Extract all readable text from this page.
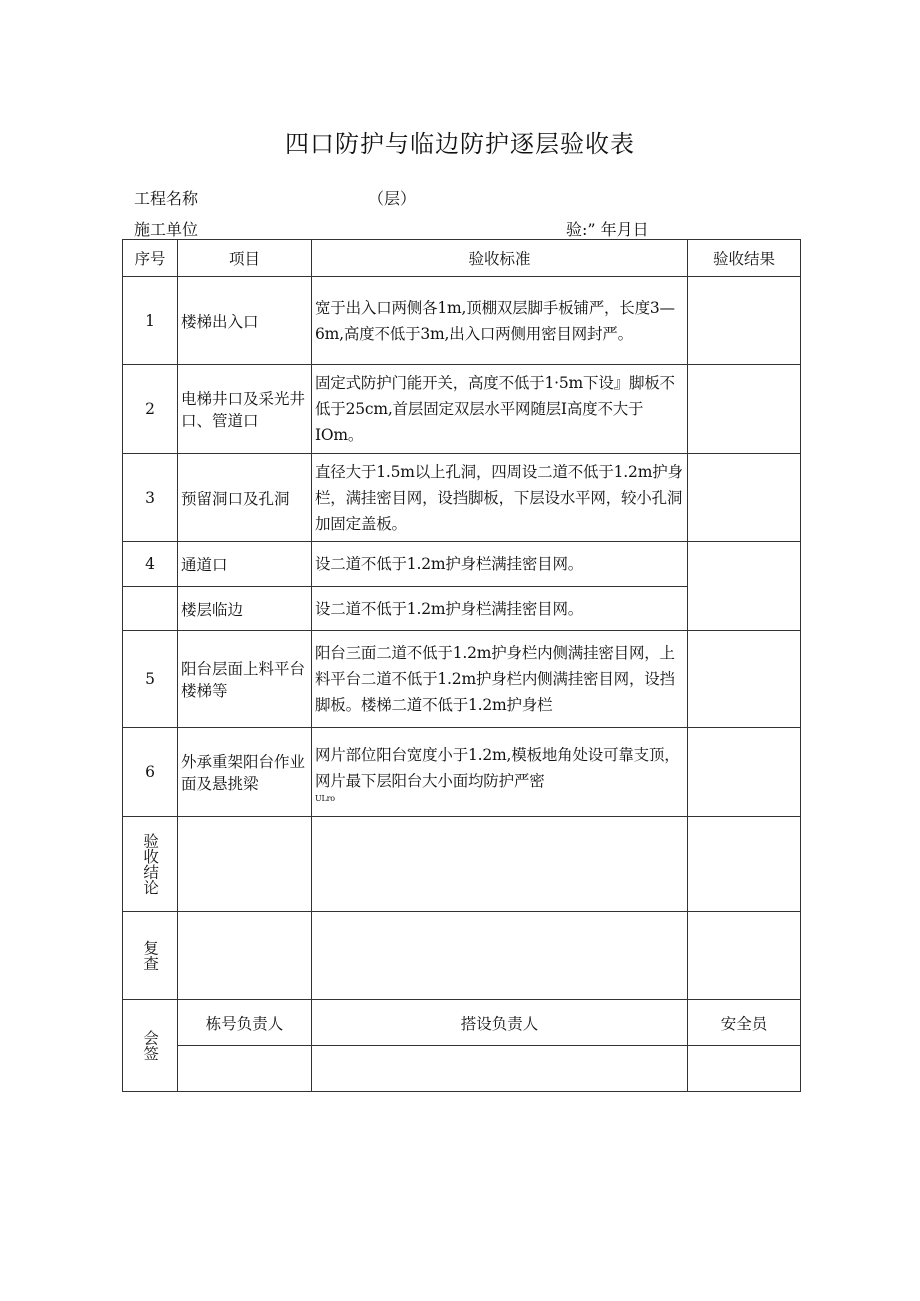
四口防护与临边防护逐层验收表
工程名称	（层）
施工单位	验:” 年月日
序号	项目	验收标准	验收结果
1	楼梯出入口	宽于出入口两侧各1m,顶棚双层脚手板铺严，长度3—6m,高度不低于3m,出入口两侧用密目网封严。	
2	电梯井口及采光井口、管道口	固定式防护门能开关，高度不低于1·5m下设』脚板不低于25cm,首层固定双层水平网随层I高度不大于IOm。	
3	预留洞口及孔洞	直径大于1.5m以上孔洞，四周设二道不低于1.2m护身栏，满挂密目网，设挡脚板，下层设水平网，较小孔洞加固定盖板。	
4	通道口	设二道不低于1.2m护身栏满挂密目网。	
	楼层临边	设二道不低于1.2m护身栏满挂密目网。	
5	阳台层面上料平台楼梯等	阳台三面二道不低于1.2m护身栏内侧满挂密目网，上料平台二道不低于1.2m护身栏内侧满挂密目网，设挡脚板。楼梯二道不低于1.2m护身栏	
6	外承重架阳台作业面及悬挑梁	网片部位阳台宽度小于1.2m,模板地角处设可靠支顶，网片最下层阳台大小面均防护严密
ULro	

验收结论			

复查			

会签	栋号负责人	搭设负责人	安全员
